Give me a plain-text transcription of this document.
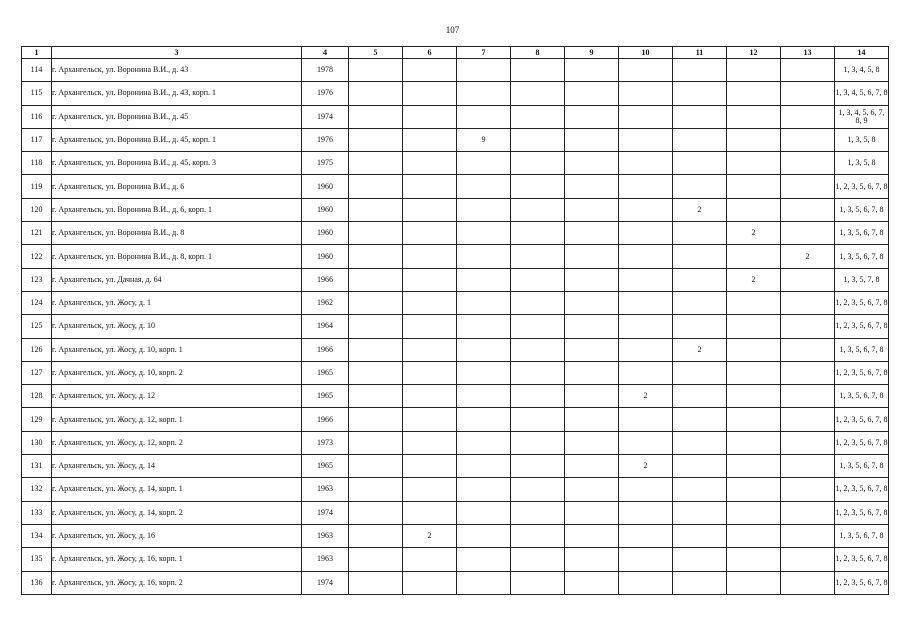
107
1	3	4	5	6	7	8	9	10	11	12	13	14
114	г. Архангельск, ул. Воронина В.И., д. 43	1978										1, 3, 4, 5, 8
115	г. Архангельск, ул. Воронина В.И., д. 43, корп. 1	1976										1, 3, 4, 5, 6, 7, 8
116	г. Архангельск, ул. Воронина В.И., д. 45	1974										1, 3, 4, 5, 6, 7, 8, 9
117	г. Архангельск, ул. Воронина В.И., д. 45, корп. 1	1976			9							1, 3, 5, 8
118	г. Архангельск, ул. Воронина В.И., д. 45, корп. 3	1975										1, 3, 5, 8
119	г. Архангельск, ул. Воронина В.И., д. 6	1960										1, 2, 3, 5, 6, 7, 8
120	г. Архангельск, ул. Воронина В.И., д. 6, корп. 1	1960							2			1, 3, 5, 6, 7, 8
121	г. Архангельск, ул. Воронина В.И., д. 8	1960								2		1, 3, 5, 6, 7, 8
122	г. Архангельск, ул. Воронина В.И., д. 8, корп. 1	1960									2	1, 3, 5, 6, 7, 8
123	г. Архангельск, ул. Дачная, д. 64	1966								2		1, 3, 5, 7, 8
124	г. Архангельск, ул. Жосу, д. 1	1962										1, 2, 3, 5, 6, 7, 8
125	г. Архангельск, ул. Жосу, д. 10	1964										1, 2, 3, 5, 6, 7, 8
126	г. Архангельск, ул. Жосу, д. 10, корп. 1	1966							2			1, 3, 5, 6, 7, 8
127	г. Архангельск, ул. Жосу, д. 10, корп. 2	1965										1, 2, 3, 5, 6, 7, 8
128	г. Архангельск, ул. Жосу, д. 12	1965						2				1, 3, 5, 6, 7, 8
129	г. Архангельск, ул. Жосу, д. 12, корп. 1	1966										1, 2, 3, 5, 6, 7, 8
130	г. Архангельск, ул. Жосу, д. 12, корп. 2	1973										1, 2, 3, 5, 6, 7, 8
131	г. Архангельск, ул. Жосу, д. 14	1965						2				1, 3, 5, 6, 7, 8
132	г. Архангельск, ул. Жосу, д. 14, корп. 1	1963										1, 2, 3, 5, 6, 7, 8
133	г. Архангельск, ул. Жосу, д. 14, корп. 2	1974										1, 2, 3, 5, 6, 7, 8
134	г. Архангельск, ул. Жосу, д. 16	1963		2								1, 3, 5, 6, 7, 8
135	г. Архангельск, ул. Жосу, д. 16, корп. 1	1963										1, 2, 3, 5, 6, 7, 8
136	г. Архангельск, ул. Жосу, д. 16, корп. 2	1974										1, 2, 3, 5, 6, 7, 8
